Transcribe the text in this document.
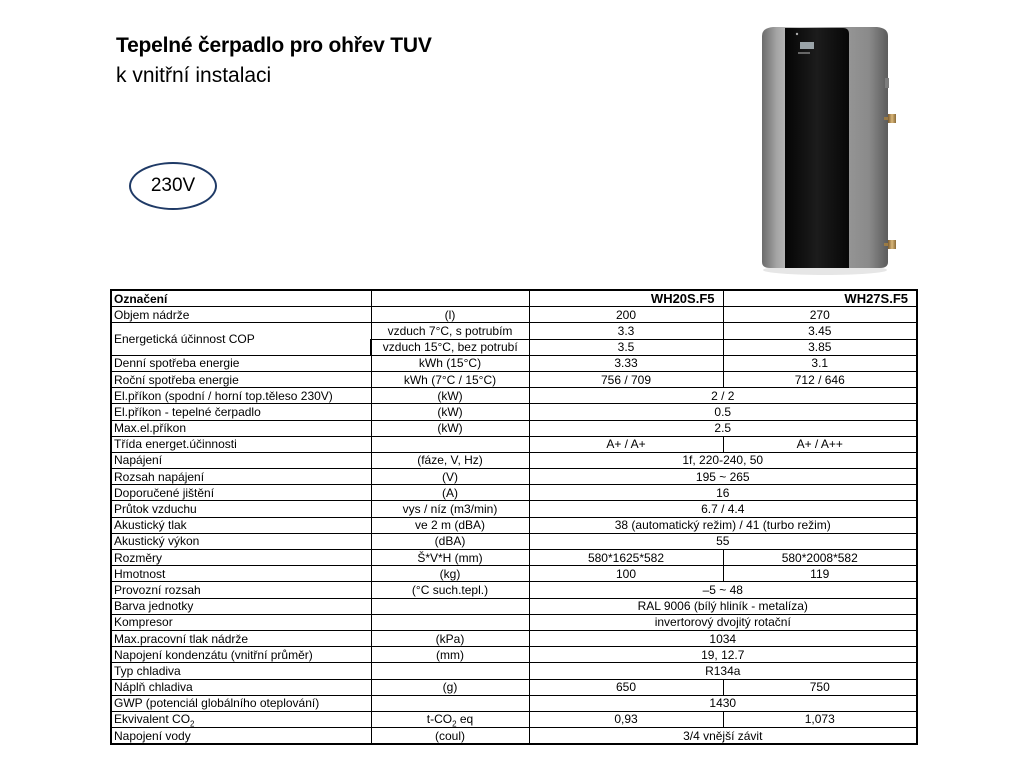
Tepelné čerpadlo pro ohřev TUV
k vnitřní instalaci
230V
Označení		WH20S.F5	WH27S.F5
Objem nádrže	(l)	200	270
Energetická účinnost COP	vzduch 7°C, s potrubím	3.3	3.45
	vzduch 15°C, bez potrubí	3.5	3.85
Denní spotřeba energie	kWh (15°C)	3.33	3.1
Roční spotřeba energie	kWh (7°C / 15°C)	756 / 709	712 / 646
El.příkon (spodní / horní top.těleso 230V)	(kW)	2 / 2	
El.příkon - tepelné čerpadlo	(kW)	0.5	
Max.el.příkon	(kW)	2.5	
Třída energet.účinnosti		A+ / A+	A+ / A++
Napájení	(fáze, V, Hz)	1f, 220-240, 50	
Rozsah napájení	(V)	195 ~ 265	
Doporučené jištění	(A)	16	
Průtok vzduchu	vys / níz (m3/min)	6.7 / 4.4	
Akustický tlak	ve 2 m (dBA)	38 (automatický režim) / 41 (turbo režim)	
Akustický výkon	(dBA)	55	
Rozměry	Š*V*H (mm)	580*1625*582	580*2008*582
Hmotnost	(kg)	100	119
Provozní rozsah	(°C such.tepl.)	–5 ~ 48	
Barva jednotky		RAL 9006 (bílý hliník - metalíza)	
Kompresor		invertorový dvojitý rotační	
Max.pracovní tlak nádrže	(kPa)	1034	
Napojení kondenzátu (vnitřní průměr)	(mm)	19, 12.7	
Typ chladiva		R134a	
Náplň chladiva	(g)	650	750
GWP (potenciál globálního oteplování)		1430	
Ekvivalent $CO_2$	$t-CO_2$ eq	0,93	1,073
Napojení vody	(coul)	3/4 vnější závit	
